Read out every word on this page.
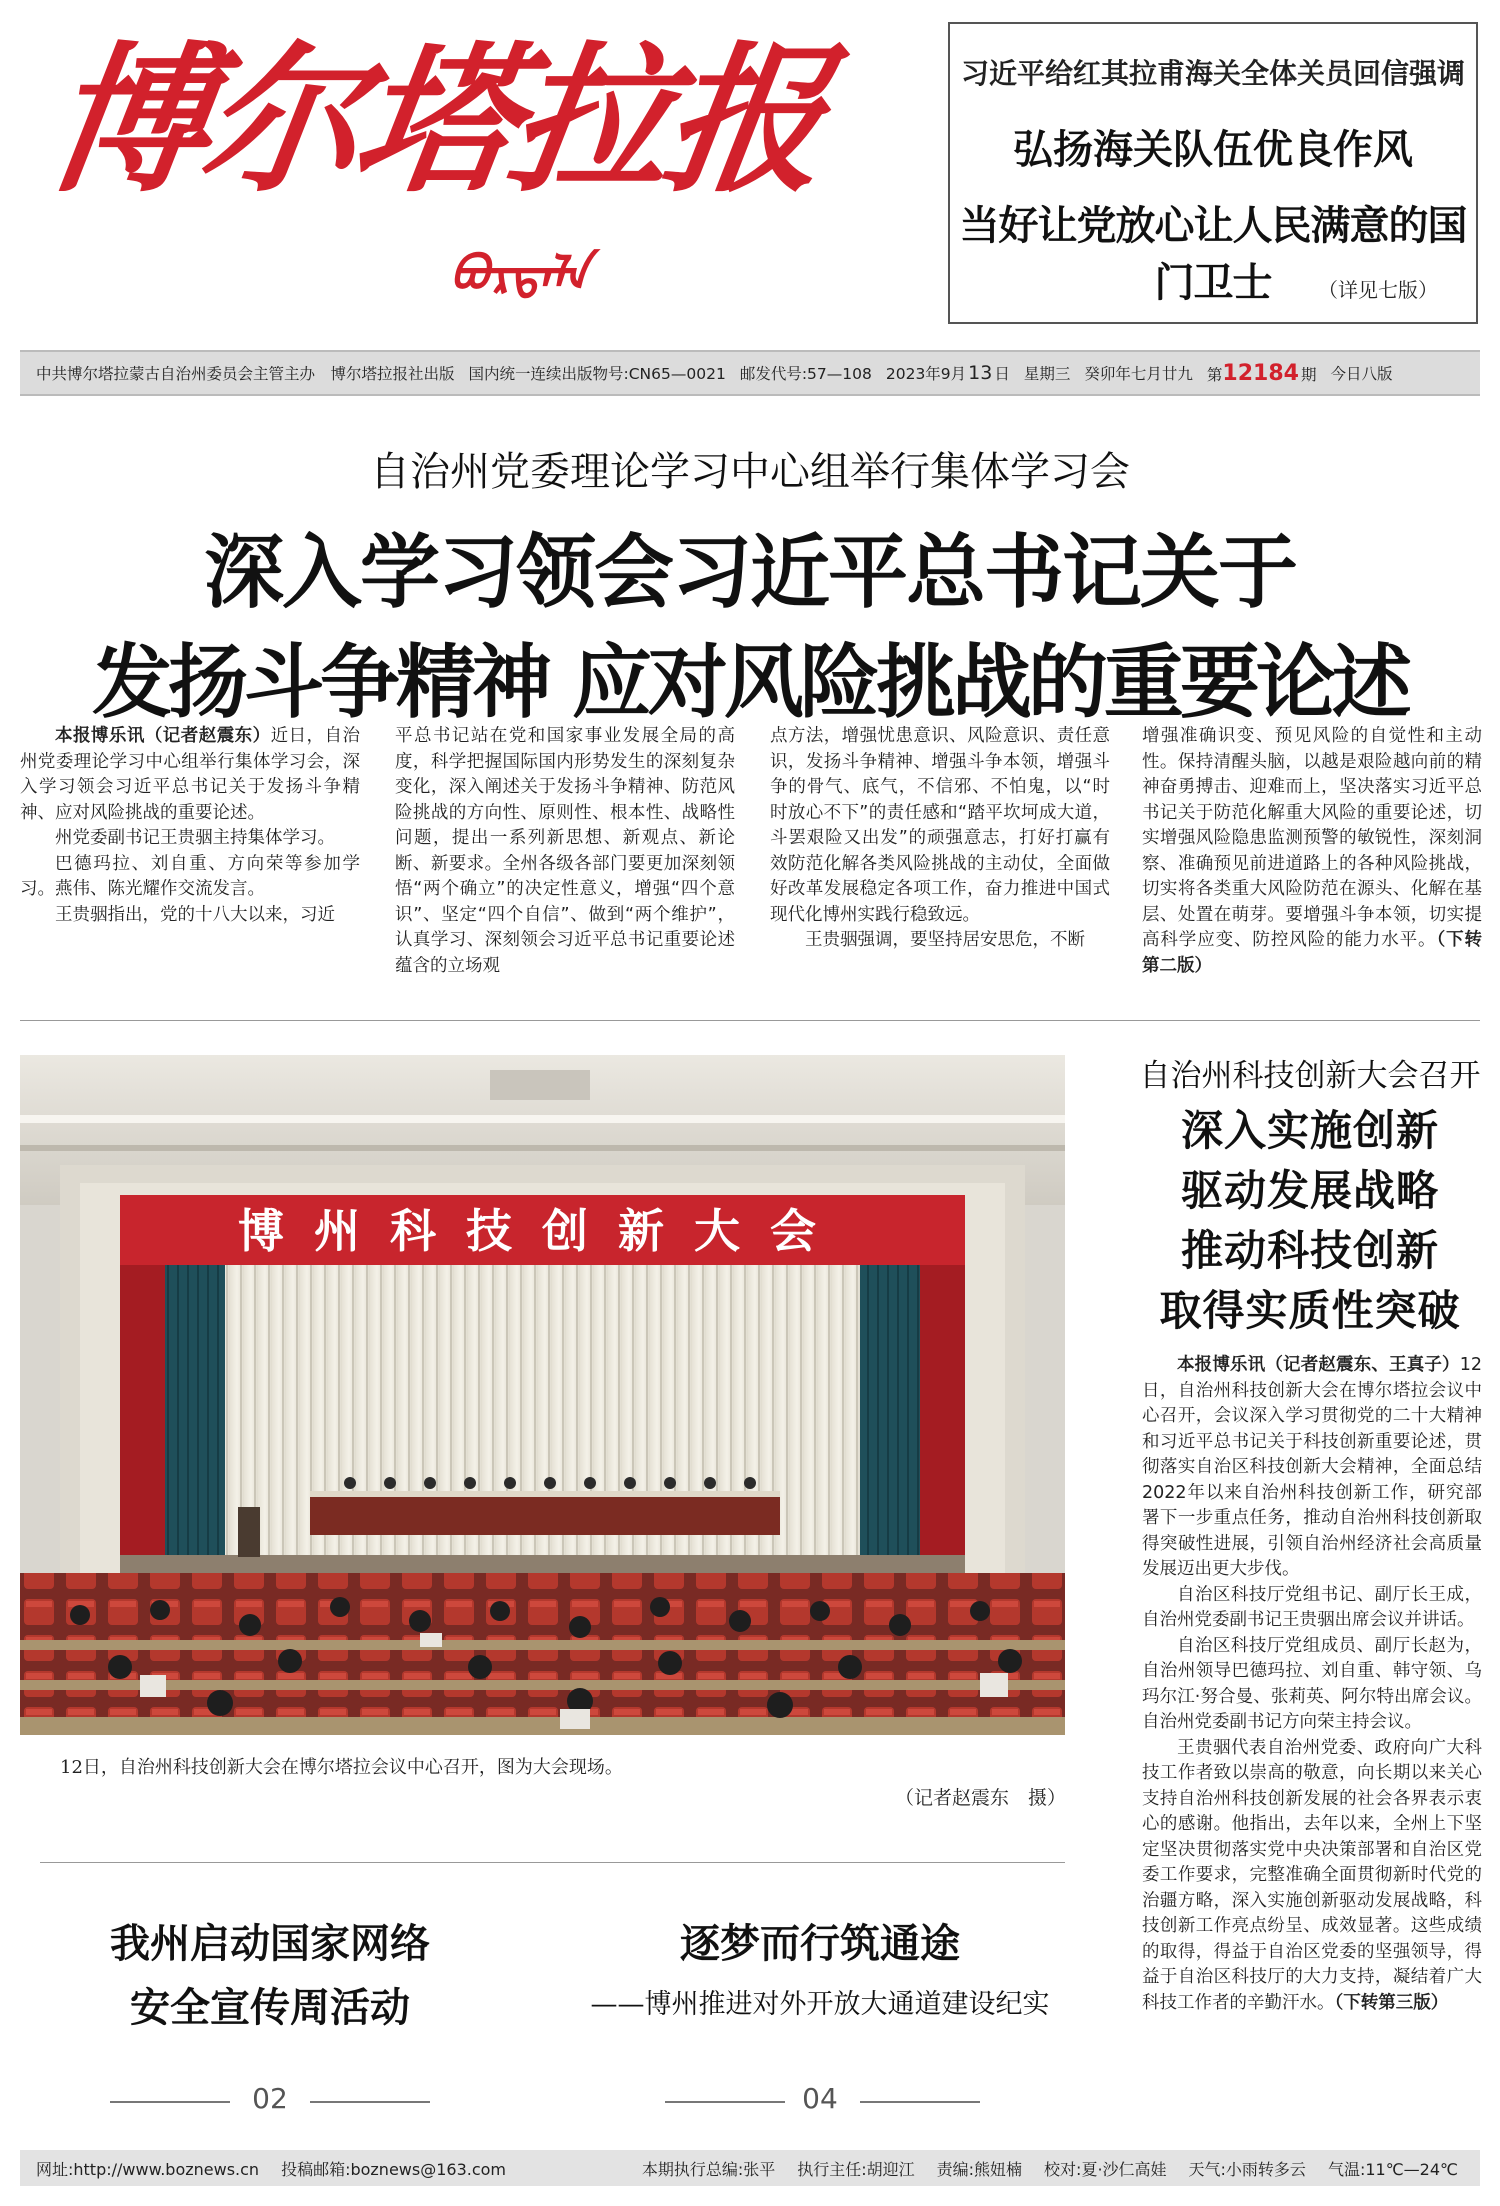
博尔塔拉报
ᠪᠣᠷᠲᠠᠯᠠ
习近平给红其拉甫海关全体关员回信强调
弘扬海关队伍优良作风
当好让党放心让人民满意的国门卫士	（详见七版）
中共博尔塔拉蒙古自治州委员会主管主办　博尔塔拉报社出版 国内统一连续出版物号:CN65—0021 邮发代号:57—108 2023年9月 13 日 星期三 癸卯年七月廿九 第12184 期 今日八版
自治州党委理论学习中心组举行集体学习会
深入学习领会习近平总书记关于
发扬斗争精神 应对风险挑战的重要论述

本报博乐讯（记者赵震东）近日，自治州党委理论学习中心组举行集体学习会，深入学习领会习近平总书记关于发扬斗争精神、应对风险挑战的重要论述。

州党委副书记王贵骃主持集体学习。

巴德玛拉、刘自重、方向荣等参加学习。燕伟、陈光耀作交流发言。

王贵骃指出，党的十八大以来，习近

平总书记站在党和国家事业发展全局的高度，科学把握国际国内形势发生的深刻复杂变化，深入阐述关于发扬斗争精神、防范风险挑战的方向性、原则性、根本性、战略性问题，提出一系列新思想、新观点、新论断、新要求。全州各级各部门要更加深刻领悟“两个确立”的决定性意义，增强“四个意识”、坚定“四个自信”、做到“两个维护”，认真学习、深刻领会习近平总书记重要论述蕴含的立场观

点方法，增强忧患意识、风险意识、责任意识，发扬斗争精神、增强斗争本领，增强斗争的骨气、底气，不信邪、不怕鬼，以“时时放心不下”的责任感和“踏平坎坷成大道，斗罢艰险又出发”的顽强意志，打好打赢有效防范化解各类风险挑战的主动仗，全面做好改革发展稳定各项工作，奋力推进中国式现代化博州实践行稳致远。

王贵骃强调，要坚持居安思危，不断

增强准确识变、预见风险的自觉性和主动性。保持清醒头脑，以越是艰险越向前的精神奋勇搏击、迎难而上，坚决落实习近平总书记关于防范化解重大风险的重要论述，切实增强风险隐患监测预警的敏锐性，深刻洞察、准确预见前进道路上的各种风险挑战，切实将各类重大风险防范在源头、化解在基层、处置在萌芽。要增强斗争本领，切实提高科学应变、防控风险的能力水平。（下转第二版）

博州科技创新大会
12日，自治州科技创新大会在博尔塔拉会议中心召开，图为大会现场。
（记者赵震东　摄）
自治州科技创新大会召开
深入实施创新
驱动发展战略
推动科技创新
取得实质性突破

本报博乐讯（记者赵震东、王真子）12日，自治州科技创新大会在博尔塔拉会议中心召开，会议深入学习贯彻党的二十大精神和习近平总书记关于科技创新重要论述，贯彻落实自治区科技创新大会精神，全面总结2022年以来自治州科技创新工作，研究部署下一步重点任务，推动自治州科技创新取得突破性进展，引领自治州经济社会高质量发展迈出更大步伐。

自治区科技厅党组书记、副厅长王成，自治州党委副书记王贵骃出席会议并讲话。

自治区科技厅党组成员、副厅长赵为，自治州领导巴德玛拉、刘自重、韩守领、乌玛尔江·努合曼、张莉英、阿尔特出席会议。自治州党委副书记方向荣主持会议。

王贵骃代表自治州党委、政府向广大科技工作者致以崇高的敬意，向长期以来关心支持自治州科技创新发展的社会各界表示衷心的感谢。他指出，去年以来，全州上下坚定坚决贯彻落实党中央决策部署和自治区党委工作要求，完整准确全面贯彻新时代党的治疆方略，深入实施创新驱动发展战略，科技创新工作亮点纷呈、成效显著。这些成绩的取得，得益于自治区党委的坚强领导，得益于自治区科技厅的大力支持，凝结着广大科技工作者的辛勤汗水。（下转第三版）

我州启动国家网络
安全宣传周活动
02
逐梦而行筑通途
——博州推进对外开放大通道建设纪实
04
网址:http://www.boznews.cn 投稿邮箱:boznews@163.com	本期执行总编:张平 执行主任:胡迎江 责编:熊妞楠 校对:夏·沙仁高娃 天气:小雨转多云 气温:11℃—24℃
